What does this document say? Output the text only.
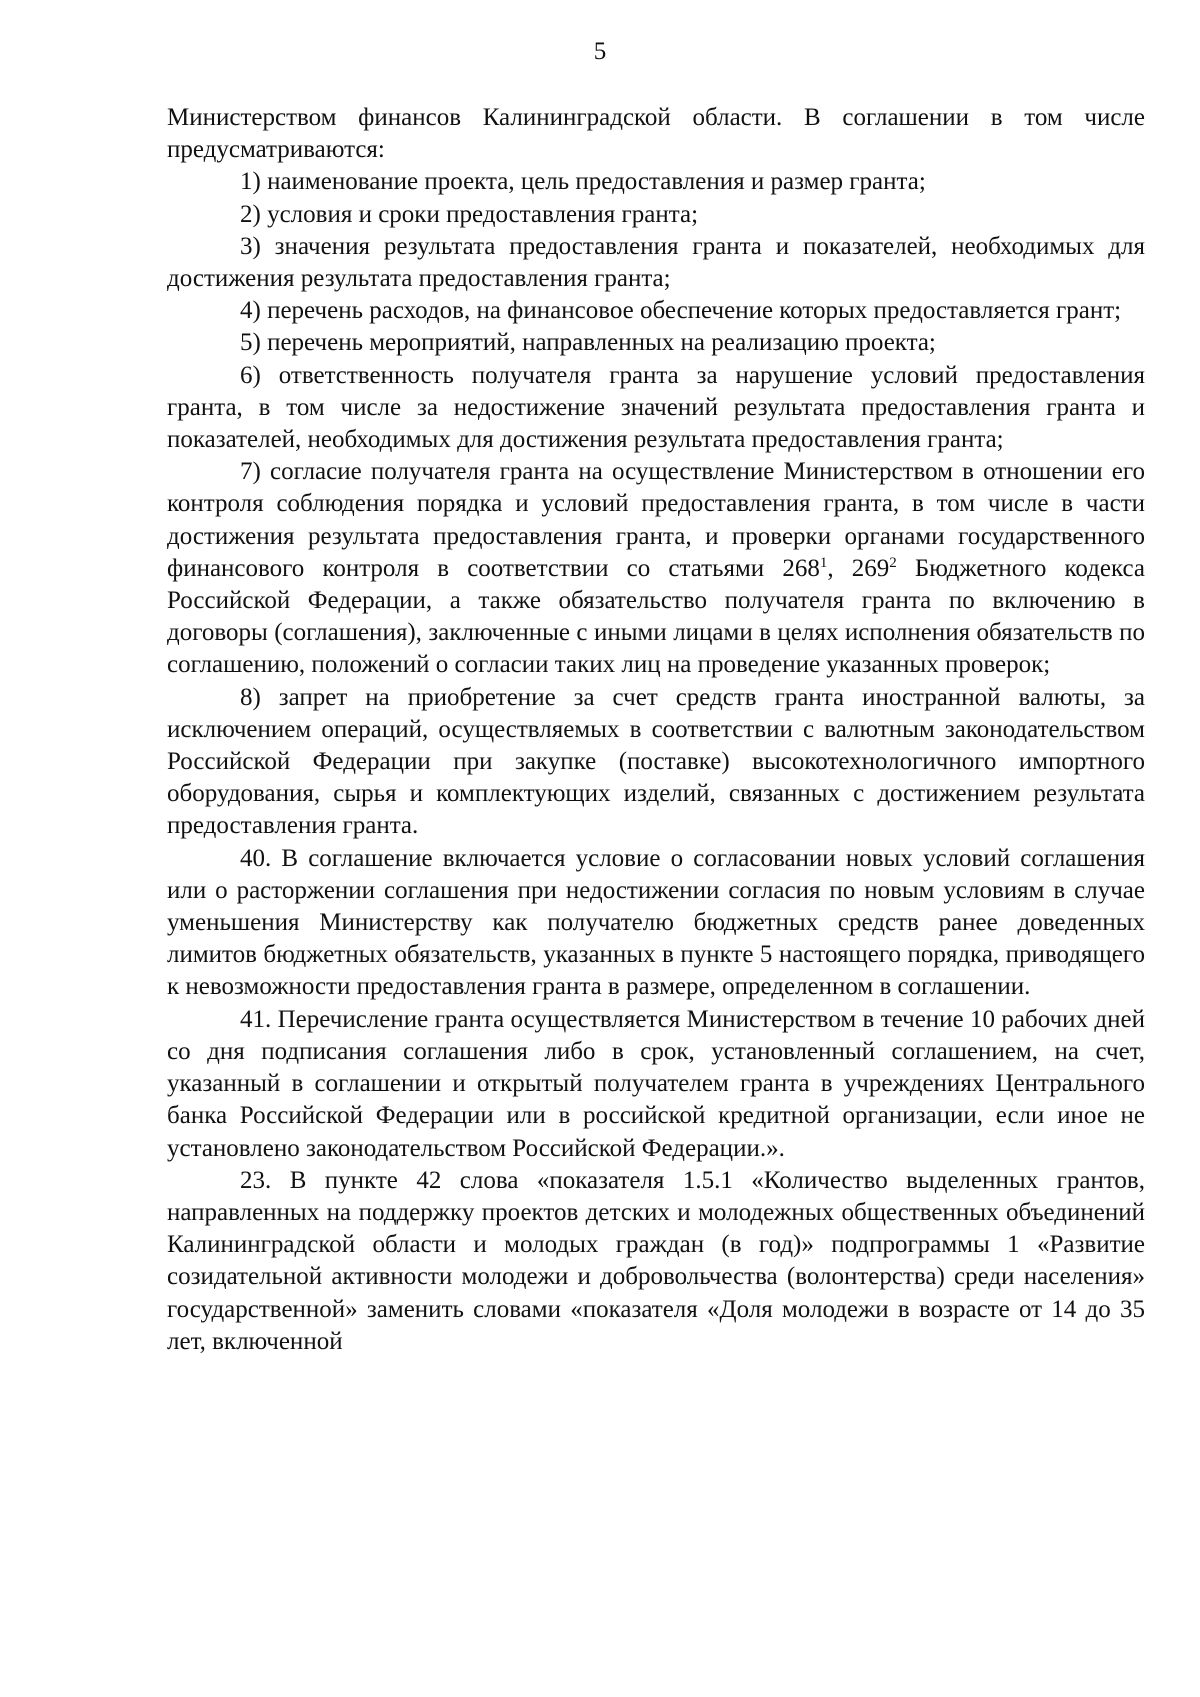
5

Министерством финансов Калининградской области. В соглашении в том числе предусматриваются:

1) наименование проекта, цель предоставления и размер гранта;

2) условия и сроки предоставления гранта;

3) значения результата предоставления гранта и показателей, необходимых для достижения результата предоставления гранта;

4) перечень расходов, на финансовое обеспечение которых предоставляется грант;

5) перечень мероприятий, направленных на реализацию проекта;

6) ответственность получателя гранта за нарушение условий предоставления гранта, в том числе за недостижение значений результата предоставления гранта и показателей, необходимых для достижения результата предоставления гранта;

7) согласие получателя гранта на осуществление Министерством в отношении его контроля соблюдения порядка и условий предоставления гранта, в том числе в части достижения результата предоставления гранта, и проверки органами государственного финансового контроля в соответствии со статьями $268^1$, $269^2$ Бюджетного кодекса Российской Федерации, а также обязательство получателя гранта по включению в договоры (соглашения), заключенные с иными лицами в целях исполнения обязательств по соглашению, положений о согласии таких лиц на проведение указанных проверок;

8) запрет на приобретение за счет средств гранта иностранной валюты, за исключением операций, осуществляемых в соответствии с валютным законодательством Российской Федерации при закупке (поставке) высокотехнологичного импортного оборудования, сырья и комплектующих изделий, связанных с достижением результата предоставления гранта.

40. В соглашение включается условие о согласовании новых условий соглашения или о расторжении соглашения при недостижении согласия по новым условиям в случае уменьшения Министерству как получателю бюджетных средств ранее доведенных лимитов бюджетных обязательств, указанных в пункте 5 настоящего порядка, приводящего к невозможности предоставления гранта в размере, определенном в соглашении.

41. Перечисление гранта осуществляется Министерством в течение 10 рабочих дней со дня подписания соглашения либо в срок, установленный соглашением, на счет, указанный в соглашении и открытый получателем гранта в учреждениях Центрального банка Российской Федерации или в российской кредитной организации, если иное не установлено законодательством Российской Федерации.».

23. В пункте 42 слова «показателя 1.5.1 «Количество выделенных грантов, направленных на поддержку проектов детских и молодежных общественных объединений Калининградской области и молодых граждан (в год)» подпрограммы 1 «Развитие созидательной активности молодежи и добровольчества (волонтерства) среди населения» государственной» заменить словами «показателя «Доля молодежи в возрасте от 14 до 35 лет, включенной
